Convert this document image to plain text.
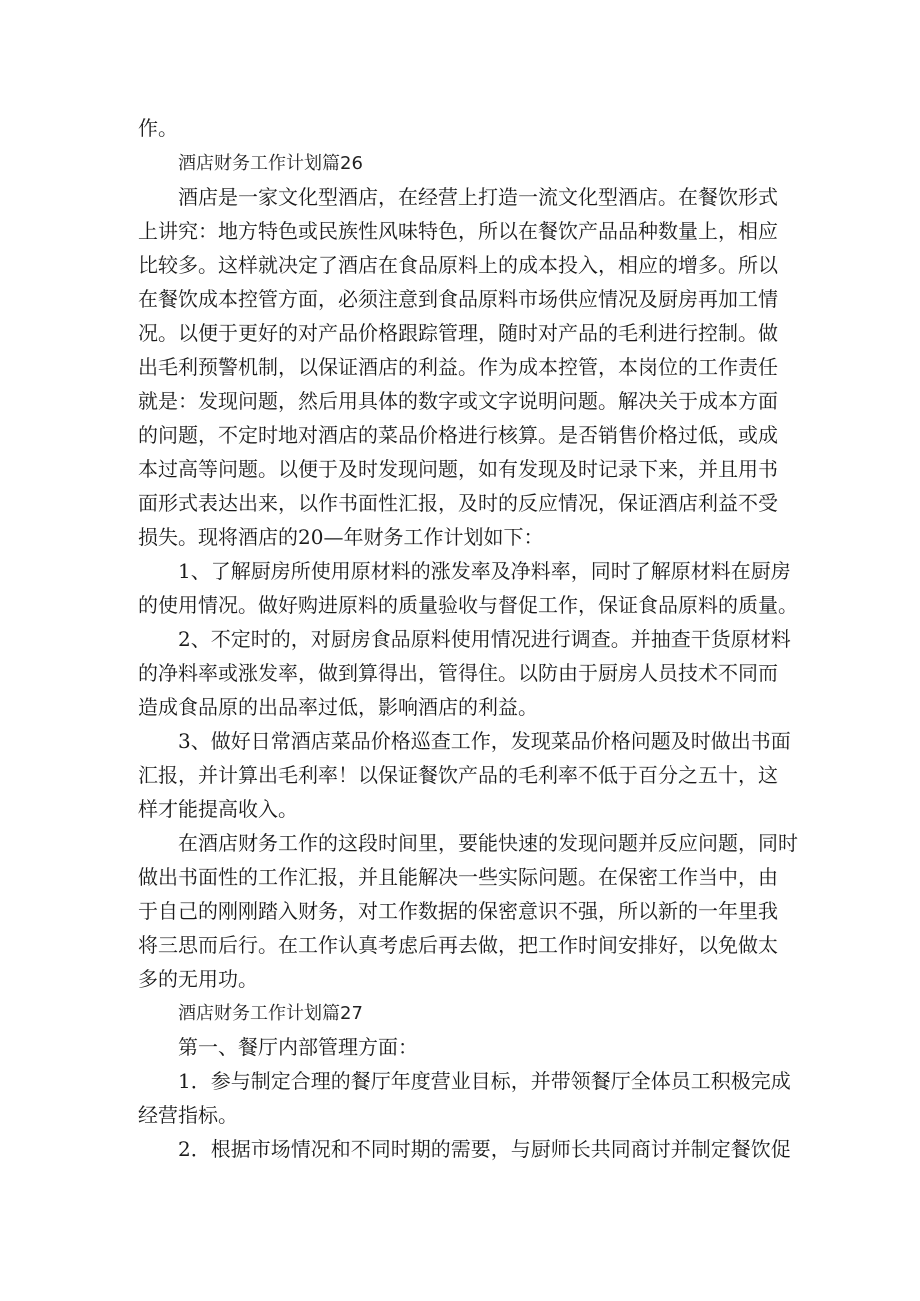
作。
酒店财务工作计划篇26
酒店是一家文化型酒店，在经营上打造一流文化型酒店。在餐饮形式
上讲究：地方特色或民族性风味特色，所以在餐饮产品品种数量上，相应
比较多。这样就决定了酒店在食品原料上的成本投入，相应的增多。所以
在餐饮成本控管方面，必须注意到食品原料市场供应情况及厨房再加工情
况。以便于更好的对产品价格跟踪管理，随时对产品的毛利进行控制。做
出毛利预警机制，以保证酒店的利益。作为成本控管，本岗位的工作责任
就是：发现问题，然后用具体的数字或文字说明问题。解决关于成本方面
的问题，不定时地对酒店的菜品价格进行核算。是否销售价格过低，或成
本过高等问题。以便于及时发现问题，如有发现及时记录下来，并且用书
面形式表达出来，以作书面性汇报，及时的反应情况，保证酒店利益不受
损失。现将酒店的20—年财务工作计划如下：
1、了解厨房所使用原材料的涨发率及净料率，同时了解原材料在厨房
的使用情况。做好购进原料的质量验收与督促工作，保证食品原料的质量。
2、不定时的，对厨房食品原料使用情况进行调查。并抽查干货原材料
的净料率或涨发率，做到算得出，管得住。以防由于厨房人员技术不同而
造成食品原的出品率过低，影响酒店的利益。
3、做好日常酒店菜品价格巡查工作，发现菜品价格问题及时做出书面
汇报，并计算出毛利率！以保证餐饮产品的毛利率不低于百分之五十，这
样才能提高收入。
在酒店财务工作的这段时间里，要能快速的发现问题并反应问题，同时
做出书面性的工作汇报，并且能解决一些实际问题。在保密工作当中，由
于自己的刚刚踏入财务，对工作数据的保密意识不强，所以新的一年里我
将三思而后行。在工作认真考虑后再去做，把工作时间安排好，以免做太
多的无用功。
酒店财务工作计划篇27
第一、餐厅内部管理方面：
1．参与制定合理的餐厅年度营业目标，并带领餐厅全体员工积极完成
经营指标。
2．根据市场情况和不同时期的需要，与厨师长共同商讨并制定餐饮促
